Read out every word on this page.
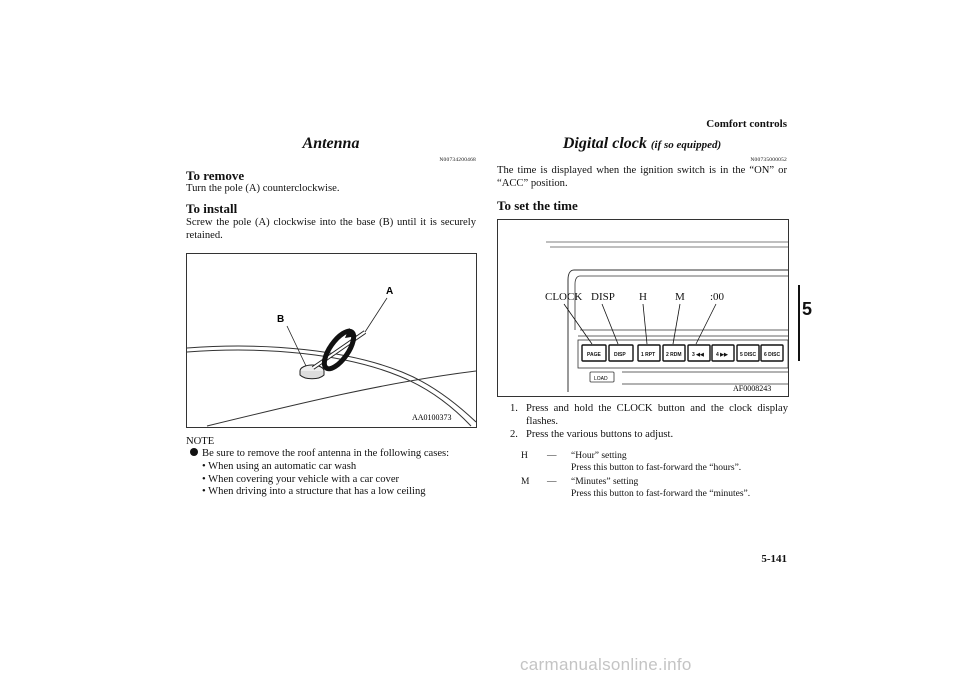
Comfort controls
5
Antenna
N00734200468
To remove
Turn the pole (A) counterclockwise.
To install
Screw the pole (A) clockwise into the base (B) until it is securely retained.
A
B
AA0100373
NOTE
Be sure to remove the roof antenna in the following cases:
• When using an automatic car wash
• When covering your vehicle with a car cover
• When driving into a structure that has a low ceiling
Digital clock (if so equipped)
N00735000052
The time is displayed when the ignition switch is in the “ON” or “ACC” position.
To set the time
PAGE	DISP	1 RPT 2 RDM 3 ◀◀ 4 ▶▶ 5 DISC 6 DISC
LOAD
CLOCK DISP H	M :00
AF0008243
1. Press and hold the CLOCK button and the clock display flashes.
2. Press the various buttons to adjust.
H	—	“Hour” setting
Press this button to fast-forward the “hours”.
M	—	“Minutes” setting
Press this button to fast-forward the “minutes”.
5-141
carmanualsonline.info
